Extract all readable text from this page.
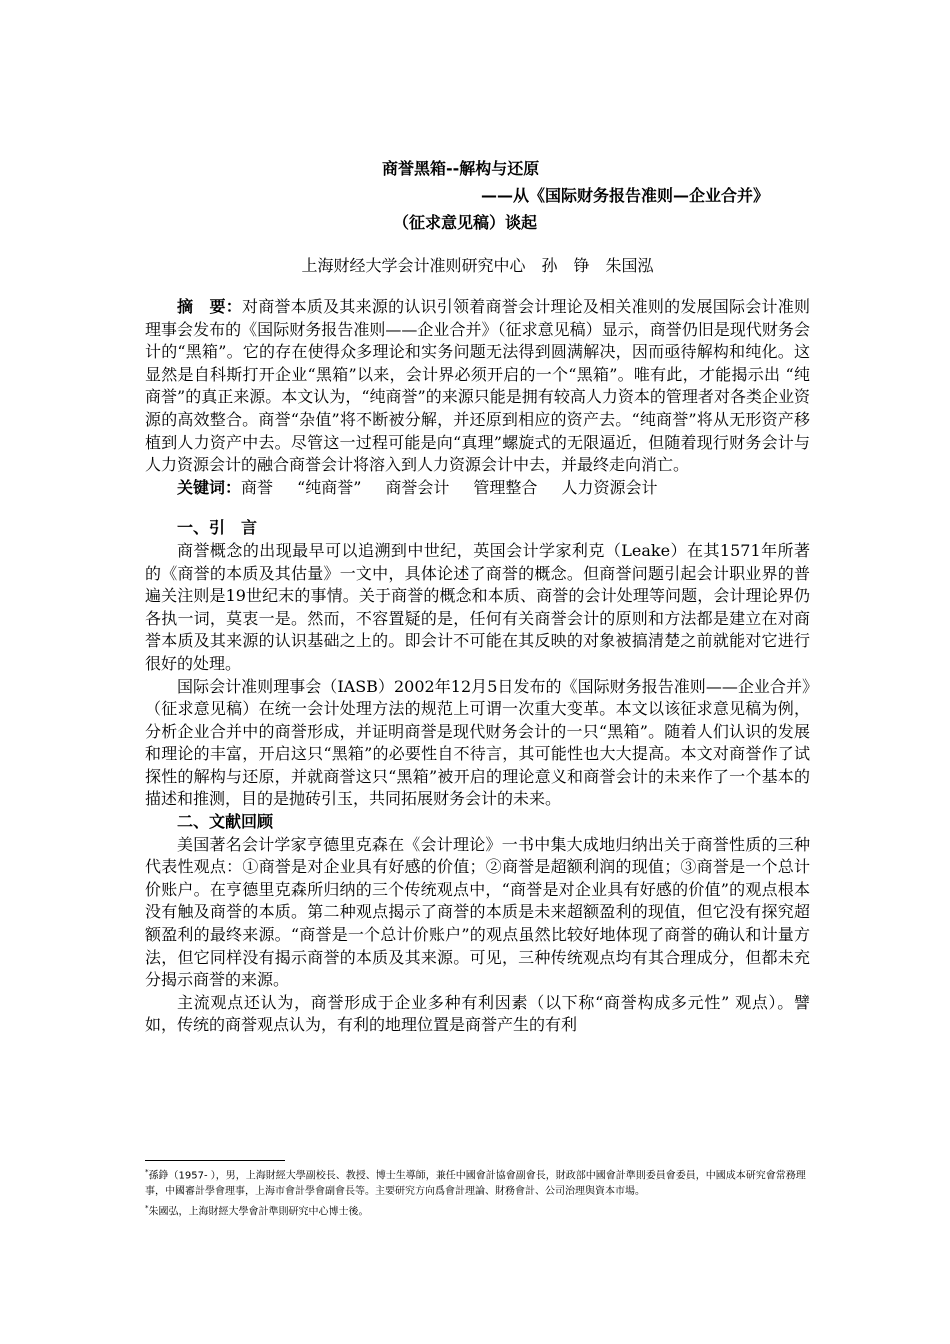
商誉黑箱--解构与还原
——从《国际财务报告准则—企业合并》
（征求意见稿）谈起
上海财经大学会计准则研究中心　孙　铮　朱国泓

摘　要：对商誉本质及其来源的认识引领着商誉会计理论及相关准则的发展国际会计准则理事会发布的《国际财务报告准则——企业合并》（征求意见稿）显示，商誉仍旧是现代财务会计的“黑箱”。它的存在使得众多理论和实务问题无法得到圆满解决，因而亟待解构和纯化。这显然是自科斯打开企业“黑箱”以来，会计界必须开启的一个“黑箱”。唯有此，才能揭示出 “纯商誉”的真正来源。本文认为，“纯商誉”的来源只能是拥有较高人力资本的管理者对各类企业资源的高效整合。商誉“杂值”将不断被分解，并还原到相应的资产去。“纯商誉”将从无形资产移植到人力资产中去。尽管这一过程可能是向“真理”螺旋式的无限逼近，但随着现行财务会计与人力资源会计的融合商誉会计将溶入到人力资源会计中去，并最终走向消亡。

关键词：商誉 “纯商誉” 商誉会计 管理整合 人力资源会计

一、引　言

商誉概念的出现最早可以追溯到中世纪，英国会计学家利克（Leake）在其1571年所著的《商誉的本质及其估量》一文中，具体论述了商誉的概念。但商誉问题引起会计职业界的普遍关注则是19世纪末的事情。关于商誉的概念和本质、商誉的会计处理等问题，会计理论界仍各执一词，莫衷一是。然而，不容置疑的是，任何有关商誉会计的原则和方法都是建立在对商誉本质及其来源的认识基础之上的。即会计不可能在其反映的对象被搞清楚之前就能对它进行很好的处理。

国际会计准则理事会（IASB）2002年12月5日发布的《国际财务报告准则——企业合并》（征求意见稿）在统一会计处理方法的规范上可谓一次重大变革。本文以该征求意见稿为例，分析企业合并中的商誉形成，并证明商誉是现代财务会计的一只“黑箱”。随着人们认识的发展和理论的丰富，开启这只“黑箱”的必要性自不待言，其可能性也大大提高。本文对商誉作了试探性的解构与还原，并就商誉这只“黑箱”被开启的理论意义和商誉会计的未来作了一个基本的描述和推测，目的是抛砖引玉，共同拓展财务会计的未来。

二、文献回顾

美国著名会计学家亨德里克森在《会计理论》一书中集大成地归纳出关于商誉性质的三种代表性观点：①商誉是对企业具有好感的价值；②商誉是超额利润的现值；③商誉是一个总计价账户。在亨德里克森所归纳的三个传统观点中，“商誉是对企业具有好感的价值”的观点根本没有触及商誉的本质。第二种观点揭示了商誉的本质是未来超额盈利的现值，但它没有探究超额盈利的最终来源。“商誉是一个总计价账户”的观点虽然比较好地体现了商誉的确认和计量方法，但它同样没有揭示商誉的本质及其来源。可见，三种传统观点均有其合理成分，但都未充分揭示商誉的来源。

主流观点还认为，商誉形成于企业多种有利因素（以下称“商誉构成多元性” 观点）。譬如，传统的商誉观点认为，有利的地理位置是商誉产生的有利

*孫錚（1957- ），男，上海財經大學副校長、教授、博士生導師，兼任中國會計協會副會長，財政部中國會計準則委員會委員，中國成本研究會常務理事，中國審計學會理事，上海市會計學會副會長等。主要研究方向爲會計理論、財務會計、公司治理與資本市場。

*朱國弘，上海財經大學會計準則研究中心博士後。
